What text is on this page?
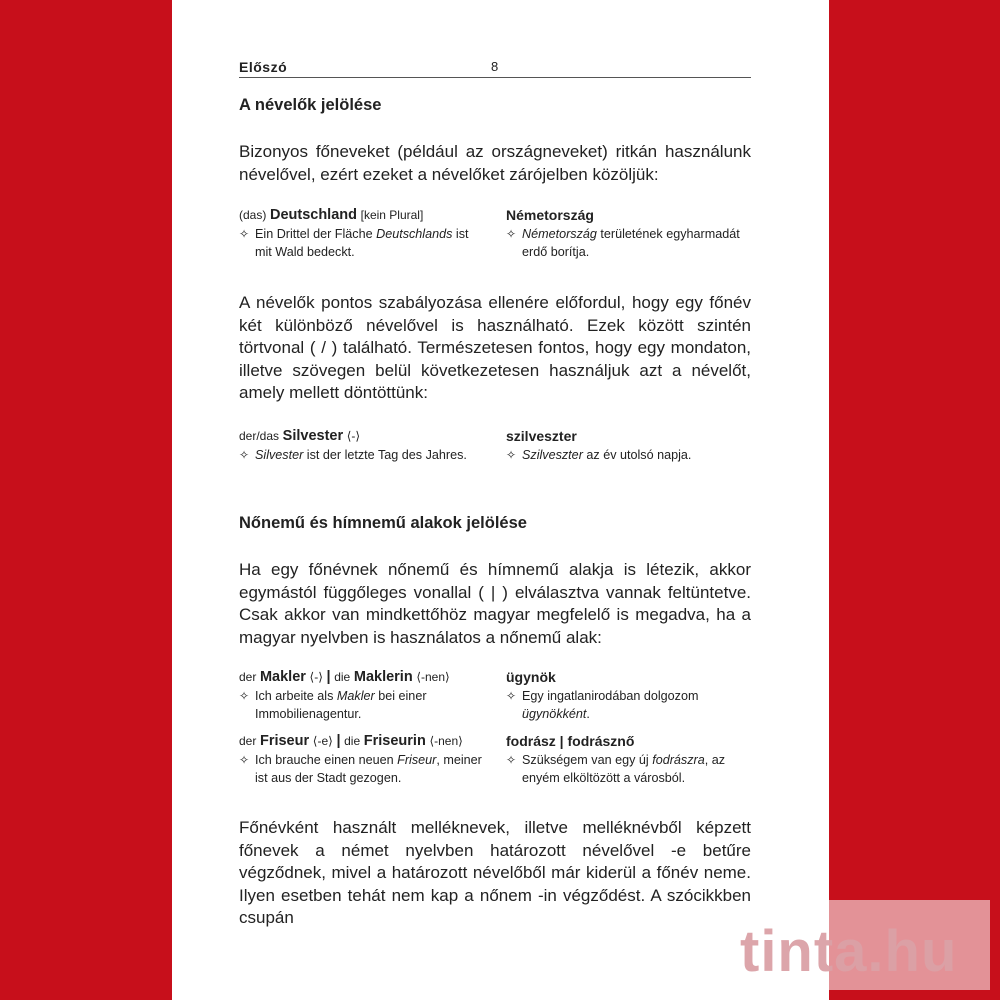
Előszó	8
A névelők jelölése
Bizonyos főneveket (például az országneveket) ritkán használunk névelővel, ezért ezeket a névelőket zárójelben közöljük:
(das) Deutschland [kein Plural]
✧ Ein Drittel der Fläche Deutschlands ist mit Wald bedeckt.
Németország
✧ Németország területének egyharmadát erdő borítja.
A névelők pontos szabályozása ellenére előfordul, hogy egy főnév két különböző névelővel is használható. Ezek között szintén törtvonal ( / ) található. Természetesen fontos, hogy egy mondaton, illetve szövegen belül következetesen használjuk azt a névelőt, amely mellett döntöttünk:
der/das Silvester ⟨-⟩
✧ Silvester ist der letzte Tag des Jahres.
szilveszter
✧ Szilveszter az év utolsó napja.
Nőnemű és hímnemű alakok jelölése
Ha egy főnévnek nőnemű és hímnemű alakja is létezik, akkor egymástól függőleges vonallal ( | ) elválasztva vannak feltüntetve. Csak akkor van mindkettőhöz magyar megfelelő is megadva, ha a magyar nyelvben is használatos a nőnemű alak:
der Makler ⟨-⟩ | die Maklerin ⟨-nen⟩
✧ Ich arbeite als Makler bei einer Immobilienagentur.
ügynök
✧ Egy ingatlanirodában dolgozom ügynökként.
der Friseur ⟨-e⟩ | die Friseurin ⟨-nen⟩
✧ Ich brauche einen neuen Friseur, meiner ist aus der Stadt gezogen.
fodrász | fodrásznő
✧ Szükségem van egy új fodrászra, az enyém elköltözött a városból.
Főnévként használt melléknevek, illetve melléknévből képzett főnevek a német nyelvben határozott névelővel -e betűre végződnek, mivel a határozott névelőből már kiderül a főnév neme. Ilyen esetben tehát nem kap a nőnem -in végződést. A szócikkben csupán
tinta.hu
